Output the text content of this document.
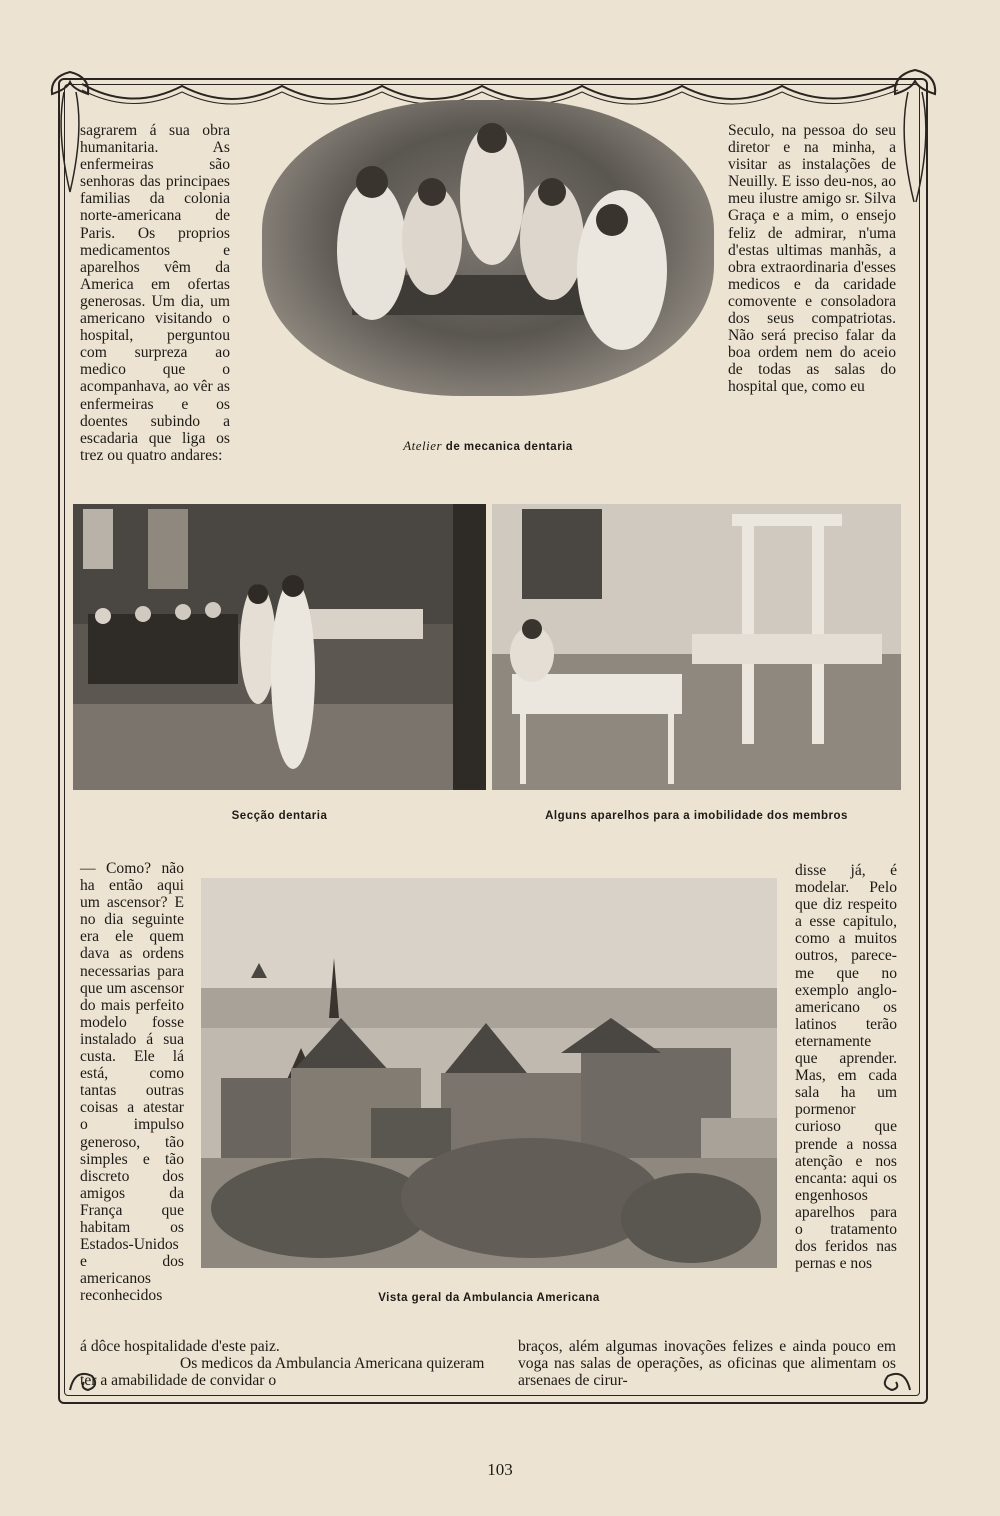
sagrarem á sua obra humanitaria. As enfermeiras são senhoras das principaes familias da colonia norte-americana de Paris. Os proprios medicamentos e aparelhos vêm da America em ofertas generosas. Um dia, um americano visitando o hospital, perguntou com surpreza ao medico que o acompanhava, ao vêr as enfermeiras e os doentes subindo a escadaria que liga os trez ou quatro andares:

Atelier de mecanica dentaria

Seculo, na pessoa do seu diretor e na minha, a visitar as instalações de Neuilly. E isso deu-nos, ao meu ilustre amigo sr. Silva Graça e a mim, o ensejo feliz de admirar, n'uma d'estas ultimas manhãs, a obra extraordinaria d'esses medicos e da caridade comovente e consoladora dos seus compatriotas. Não será preciso falar da boa ordem nem do aceio de todas as salas do hospital que, como eu

Secção dentaria	Alguns aparelhos para a imobilidade dos membros

— Como? não ha então aqui um ascensor? E no dia seguinte era ele quem dava as ordens necessarias para que um ascensor do mais perfeito modelo fosse instalado á sua custa. Ele lá está, como tantas outras coisas a atestar o impulso generoso, tão simples e tão discreto dos amigos da França que habitam os Estados-Unidos e dos americanos reconhecidos

á dôce hospitalidade d'este paiz.

Os medicos da Ambulancia Americana quizeram ter a amabilidade de convidar o

Vista geral da Ambulancia Americana

disse já, é modelar. Pelo que diz respeito a esse capitulo, como a muitos outros, parece-me que no exemplo anglo-americano os latinos terão eternamente que aprender. Mas, em cada sala ha um pormenor curioso que prende a nossa atenção e nos encanta: aqui os engenhosos aparelhos para o tratamento dos feridos nas pernas e nos

braços, além algumas inovações felizes e ainda pouco em voga nas salas de operações, as oficinas que alimentam os arsenaes de cirur-

103
